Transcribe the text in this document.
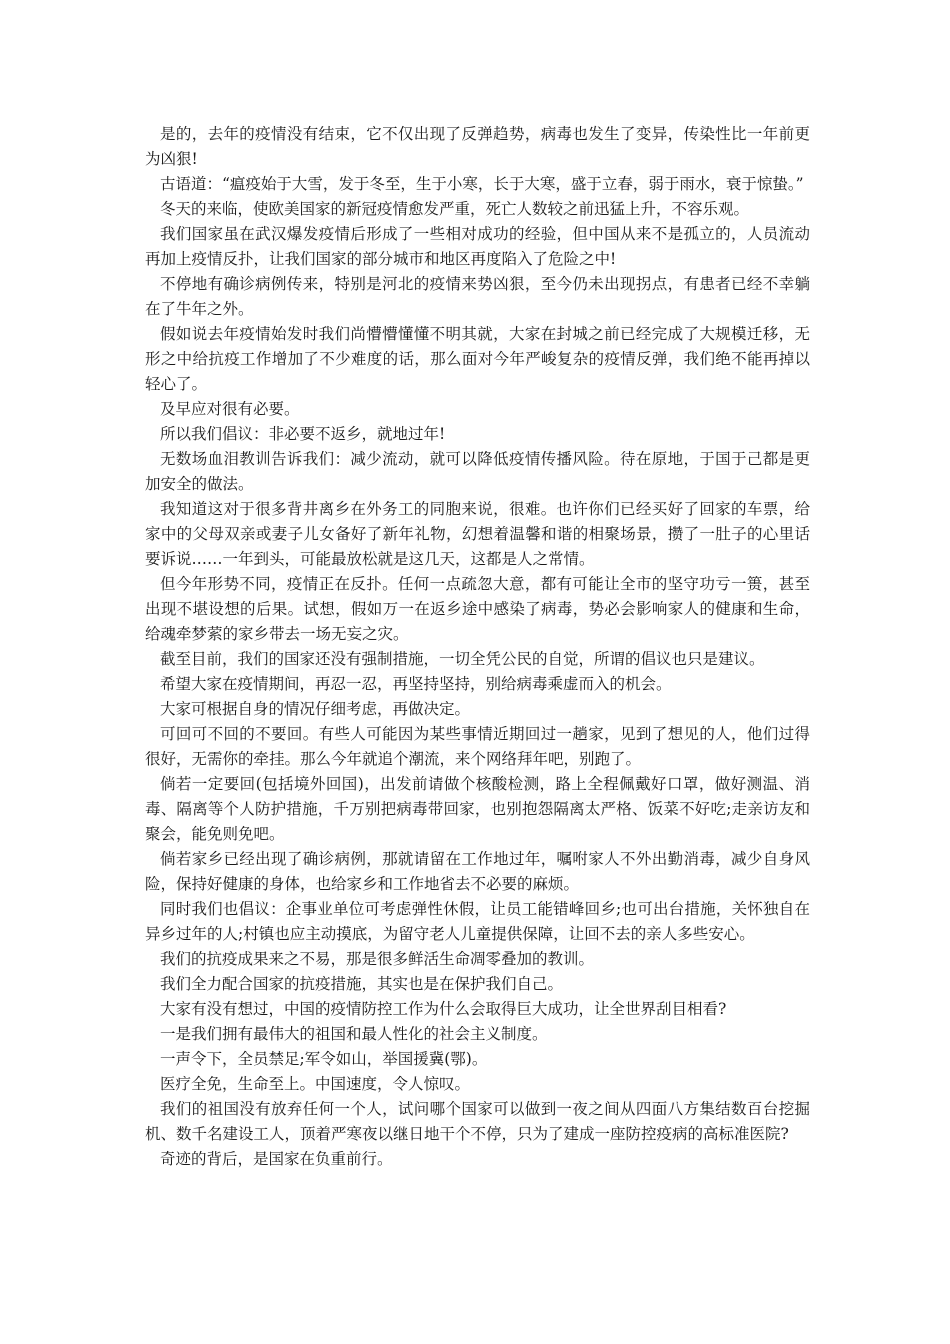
是的，去年的疫情没有结束，它不仅出现了反弹趋势，病毒也发生了变异，传染性比一年前更为凶狠!

古语道：“瘟疫始于大雪，发于冬至，生于小寒，长于大寒，盛于立春，弱于雨水，衰于惊蛰。”

冬天的来临，使欧美国家的新冠疫情愈发严重，死亡人数较之前迅猛上升，不容乐观。

我们国家虽在武汉爆发疫情后形成了一些相对成功的经验，但中国从来不是孤立的，人员流动再加上疫情反扑，让我们国家的部分城市和地区再度陷入了危险之中!

不停地有确诊病例传来，特别是河北的疫情来势凶狠，至今仍未出现拐点，有患者已经不幸躺在了牛年之外。

假如说去年疫情始发时我们尚懵懵懂懂不明其就，大家在封城之前已经完成了大规模迁移，无形之中给抗疫工作增加了不少难度的话，那么面对今年严峻复杂的疫情反弹，我们绝不能再掉以轻心了。

及早应对很有必要。

所以我们倡议：非必要不返乡，就地过年!

无数场血泪教训告诉我们：减少流动，就可以降低疫情传播风险。待在原地，于国于己都是更加安全的做法。

我知道这对于很多背井离乡在外务工的同胞来说，很难。也许你们已经买好了回家的车票，给家中的父母双亲或妻子儿女备好了新年礼物，幻想着温馨和谐的相聚场景，攒了一肚子的心里话要诉说……一年到头，可能最放松就是这几天，这都是人之常情。

但今年形势不同，疫情正在反扑。任何一点疏忽大意，都有可能让全市的坚守功亏一篑，甚至出现不堪设想的后果。试想，假如万一在返乡途中感染了病毒，势必会影响家人的健康和生命，给魂牵梦萦的家乡带去一场无妄之灾。

截至目前，我们的国家还没有强制措施，一切全凭公民的自觉，所谓的倡议也只是建议。

希望大家在疫情期间，再忍一忍，再坚持坚持，别给病毒乘虚而入的机会。

大家可根据自身的情况仔细考虑，再做决定。

可回可不回的不要回。有些人可能因为某些事情近期回过一趟家，见到了想见的人，他们过得很好，无需你的牵挂。那么今年就追个潮流，来个网络拜年吧，别跑了。

倘若一定要回(包括境外回国)，出发前请做个核酸检测，路上全程佩戴好口罩，做好测温、消毒、隔离等个人防护措施，千万别把病毒带回家，也别抱怨隔离太严格、饭菜不好吃;走亲访友和聚会，能免则免吧。

倘若家乡已经出现了确诊病例，那就请留在工作地过年，嘱咐家人不外出勤消毒，减少自身风险，保持好健康的身体，也给家乡和工作地省去不必要的麻烦。

同时我们也倡议：企事业单位可考虑弹性休假，让员工能错峰回乡;也可出台措施，关怀独自在异乡过年的人;村镇也应主动摸底，为留守老人儿童提供保障，让回不去的亲人多些安心。

我们的抗疫成果来之不易，那是很多鲜活生命凋零叠加的教训。

我们全力配合国家的抗疫措施，其实也是在保护我们自己。

大家有没有想过，中国的疫情防控工作为什么会取得巨大成功，让全世界刮目相看?

一是我们拥有最伟大的祖国和最人性化的社会主义制度。

一声令下，全员禁足;军令如山，举国援冀(鄂)。

医疗全免，生命至上。中国速度，令人惊叹。

我们的祖国没有放弃任何一个人，试问哪个国家可以做到一夜之间从四面八方集结数百台挖掘机、数千名建设工人，顶着严寒夜以继日地干个不停，只为了建成一座防控疫病的高标准医院?

奇迹的背后，是国家在负重前行。
